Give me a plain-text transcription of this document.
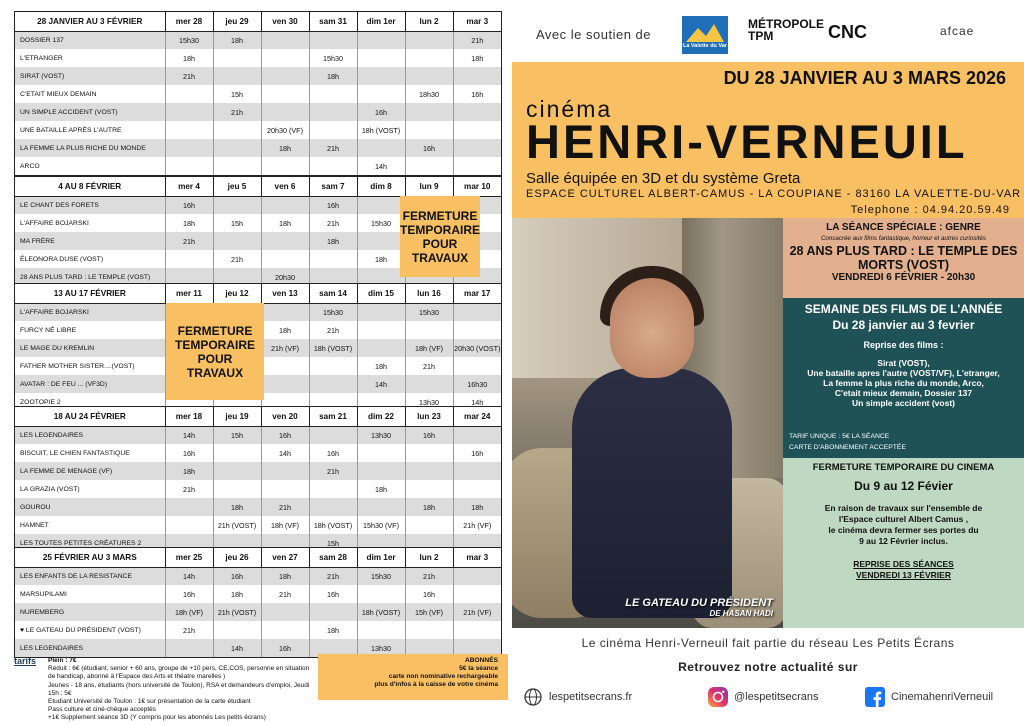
28 JANVIER AU 3 FÉVRIER	mer 28	jeu 29	ven 30	sam 31	dim 1er	lun 2	mar 3
DOSSIER 137	15h30	18h					21h
L'ETRANGER	18h			15h30			18h
SIRAT (VOST)	21h			18h			
C'ETAIT MIEUX DEMAIN		15h				18h30	16h
UN SIMPLE ACCIDENT (VOST)		21h			16h		
UNE BATAILLE APRÈS L'AUTRE			20h30 (VF)		18h (VOST)		
LA FEMME LA PLUS RICHE DU MONDE			18h	21h		16h	
ARCO					14h		
4 AU 8 FÉVRIER	mer 4	jeu 5	ven 6	sam 7	dim 8	lun 9	mar 10
LE CHANT DES FORETS	16h			16h			
L'AFFAIRE BOJARSKI	18h	15h	18h	21h	15h30		
MA FRÈRE	21h			18h			
ÉLEONORA DUSE (VOST)		21h			18h		
28 ANS PLUS TARD : LE TEMPLE (VOST)			20h30				
13 AU 17 FÉVRIER	mer 11	jeu 12	ven 13	sam 14	dim 15	lun 16	mar 17
L'AFFAIRE BOJARSKI				15h30		15h30	
FURCY NÉ LIBRE			18h	21h			
LE MAGE DU KREMLIN			21h (VF)	18h (VOST)		18h (VF)	20h30 (VOST)
FATHER MOTHER SISTER....(VOST)					18h	21h	
AVATAR : DE FEU ... (VF3D)					14h		16h30
ZOOTOPIE 2						13h30	14h
18 AU 24 FÉVRIER	mer 18	jeu 19	ven 20	sam 21	dim 22	lun 23	mar 24
LES LEGENDAIRES	14h	15h	16h		13h30	16h	
BISCUIT, LE CHIEN FANTASTIQUE	16h		14h	16h			16h
LA FEMME DE MENAGE (VF)	18h			21h			
LA GRAZIA (VOST)	21h				18h		
GOUROU		18h	21h			18h	18h
HAMNET		21h (VOST)	18h (VF)	18h (VOST)	15h30 (VF)		21h (VF)
LES TOUTES PETITES CRÉATURES 2				15h			
25 FÉVRIER AU 3 MARS	mer 25	jeu 26	ven 27	sam 28	dim 1er	lun 2	mar 3
LES ENFANTS DE LA RESISTANCE	14h	16h	18h	21h	15h30	21h	
MARSUPILAMI	16h	18h	21h	16h		16h	
NUREMBERG	18h (VF)	21h (VOST)			18h (VOST)	15h (VF)	21h (VF)
♥ LE GATEAU DU PRÉSIDENT (VOST)	21h			18h			
LES LEGENDAIRES		14h	16h		13h30		
tarifs Plein : 7€
Réduit : 6€ (étudiant, senior + 60 ans, groupe de +10 pers, CE,COS, personne en situation de handicap, abonné à l'Espace des Arts et théatre marelles )
Jeunes - 18 ans, étudiants (hors université de Toulon), RSA et demandeurs d'emploi, Jeudi 15h : 5€
Etudiant Université de Toulon : 1€ sur présentation de la carte étudiant
Pass culture et ciné-chèque acceptés
+1€ Supplement séance 3D (Y compris pour les abonnés Les petits écrans)
ABONNÉS
5€ la séance
carte non nominative rechargeable
plus d'infos à la caisse de votre cinéma
FERMETURE
TEMPORAIRE
POUR
TRAVAUX
FERMETURE
TEMPORAIRE
POUR
TRAVAUX
Avec le soutien de
La Valette du Var
MÉTROPOLE TPM	CNC	afcae
DU 28 JANVIER AU 3 MARS 2026
cinéma
HENRI-VERNEUIL
Salle équipée en 3D et du système Greta
ESPACE CULTUREL ALBERT-CAMUS - LA COUPIANE - 83160 LA VALETTE-DU-VAR
Telephone : 04.94.20.59.49
LE GATEAU DU PRÉSIDENT
DE HASAN HADI
LA SÉANCE SPÉCIALE : GENRE
Consacrée aux films fantastique, horreur et autres curiosités
28 ANS PLUS TARD : LE TEMPLE DES MORTS (VOST)
VENDREDI 6 FÉVRIER - 20h30
SEMAINE DES FILMS DE L'ANNÉE
Du 28 janvier au 3 fevrier
Reprise des films :
Sirat (VOST),
Une bataille apres l'autre (VOST/VF), L'etranger,
La femme la plus riche du monde, Arco,
C'etait mieux demain, Dossier 137
Un simple accident (vost)
TARIF UNIQUE : 5€ LA SÉANCE
CARTE D'ABONNEMENT ACCEPTÉE
FERMETURE TEMPORAIRE DU CINEMA
Du 9 au 12 Févier
En raison de travaux sur l'ensemble de
l'Espace culturel Albert Camus ,
le cinéma devra fermer ses portes du
9 au 12 Février inclus.
REPRISE DES SÉANCES
VENDREDI 13 FÉVRIER
Le cinéma Henri-Verneuil fait partie du réseau Les Petits Écrans
Retrouvez notre actualité sur
lespetitsecrans.fr	@lespetitsecrans	CinemahenriVerneuil
